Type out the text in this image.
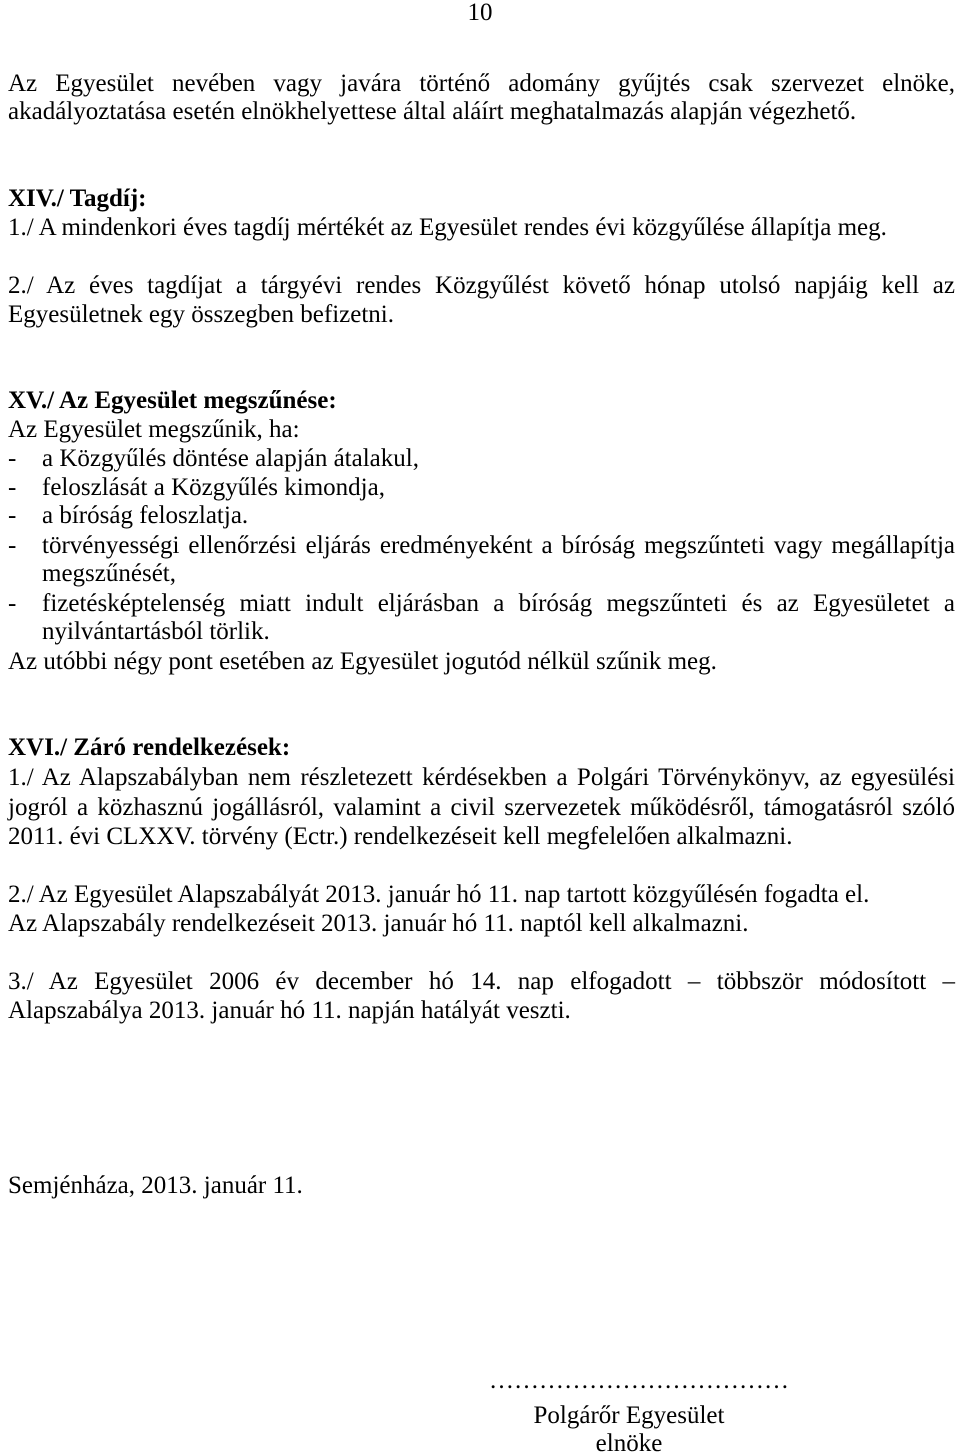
10
Az Egyesület nevében vagy javára történő adomány gyűjtés csak szervezet elnöke,
akadályoztatása esetén elnökhelyettese által aláírt meghatalmazás alapján végezhető.
XIV./ Tagdíj:
1./ A mindenkori éves tagdíj mértékét az Egyesület rendes évi közgyűlése állapítja meg.
2./ Az éves tagdíjat a tárgyévi rendes Közgyűlést követő hónap utolsó napjáig kell az
Egyesületnek egy összegben befizetni.
XV./ Az Egyesület megszűnése:
Az Egyesület megszűnik, ha:
- a Közgyűlés döntése alapján átalakul,
- feloszlását a Közgyűlés kimondja,
- a bíróság feloszlatja.
- törvényességi ellenőrzési eljárás eredményeként a bíróság megszűnteti vagy megállapítja
megszűnését,
- fizetésképtelenség miatt indult eljárásban a bíróság megszűnteti és az Egyesületet a
nyilvántartásból törlik.
Az utóbbi négy pont esetében az Egyesület jogutód nélkül szűnik meg.
XVI./ Záró rendelkezések:
1./ Az Alapszabályban nem részletezett kérdésekben a Polgári Törvénykönyv, az egyesülési
jogról a közhasznú jogállásról, valamint a civil szervezetek működésről, támogatásról szóló
2011. évi CLXXV. törvény (Ectr.) rendelkezéseit kell megfelelően alkalmazni.
2./ Az Egyesület Alapszabályát 2013. január hó 11. nap tartott közgyűlésén fogadta el.
Az Alapszabály rendelkezéseit 2013. január hó 11. naptól kell alkalmazni.
3./ Az Egyesület 2006 év december hó 14. nap elfogadott – többször módosított –
Alapszabálya 2013. január hó 11. napján hatályát veszti.
Semjénháza, 2013. január 11.
………………………………
Polgárőr Egyesület
elnöke
